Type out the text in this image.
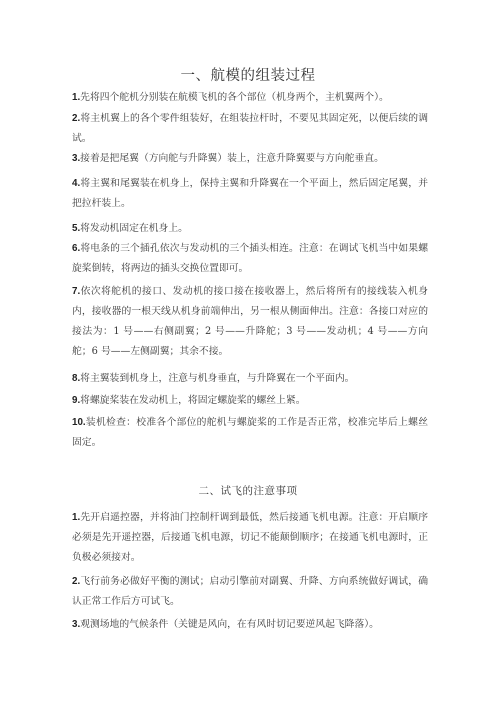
一、航模的组装过程
1.先将四个舵机分别装在航模飞机的各个部位（机身两个，主机翼两个）。
2.将主机翼上的各个零件组装好，在组装拉杆时，不要见其固定死，以便后续的调试。
3.接着是把尾翼（方向舵与升降翼）装上，注意升降翼要与方向舵垂直。
4.将主翼和尾翼装在机身上，保持主翼和升降翼在一个平面上，然后固定尾翼，并把拉杆装上。
5.将发动机固定在机身上。
6.将电条的三个插孔依次与发动机的三个插头相连。注意：在调试飞机当中如果螺旋桨倒转，将两边的插头交换位置即可。
7.依次将舵机的接口、发动机的接口接在接收器上，然后将所有的接线装入机身内，接收器的一根天线从机身前端伸出，另一根从侧面伸出。注意：各接口对应的接法为：1 号——右侧副翼；2 号——升降舵；3 号——发动机；4 号——方向舵；6 号——左侧副翼；其余不接。
8.将主翼装到机身上，注意与机身垂直，与升降翼在一个平面内。
9.将螺旋桨装在发动机上，将固定螺旋桨的螺丝上紧。
10.装机检查：校准各个部位的舵机与螺旋桨的工作是否正常，校准完毕后上螺丝固定。
二、试飞的注意事项
1.先开启遥控器，并将油门控制杆调到最低，然后接通飞机电源。注意：开启顺序必须是先开遥控器，后接通飞机电源，切记不能颠倒顺序；在接通飞机电源时，正负极必须接对。
2.飞行前务必做好平衡的测试；启动引擎前对副翼、升降、方向系统做好调试，确认正常工作后方可试飞。
3.观测场地的气候条件（关键是风向，在有风时切记要逆风起飞降落）。
